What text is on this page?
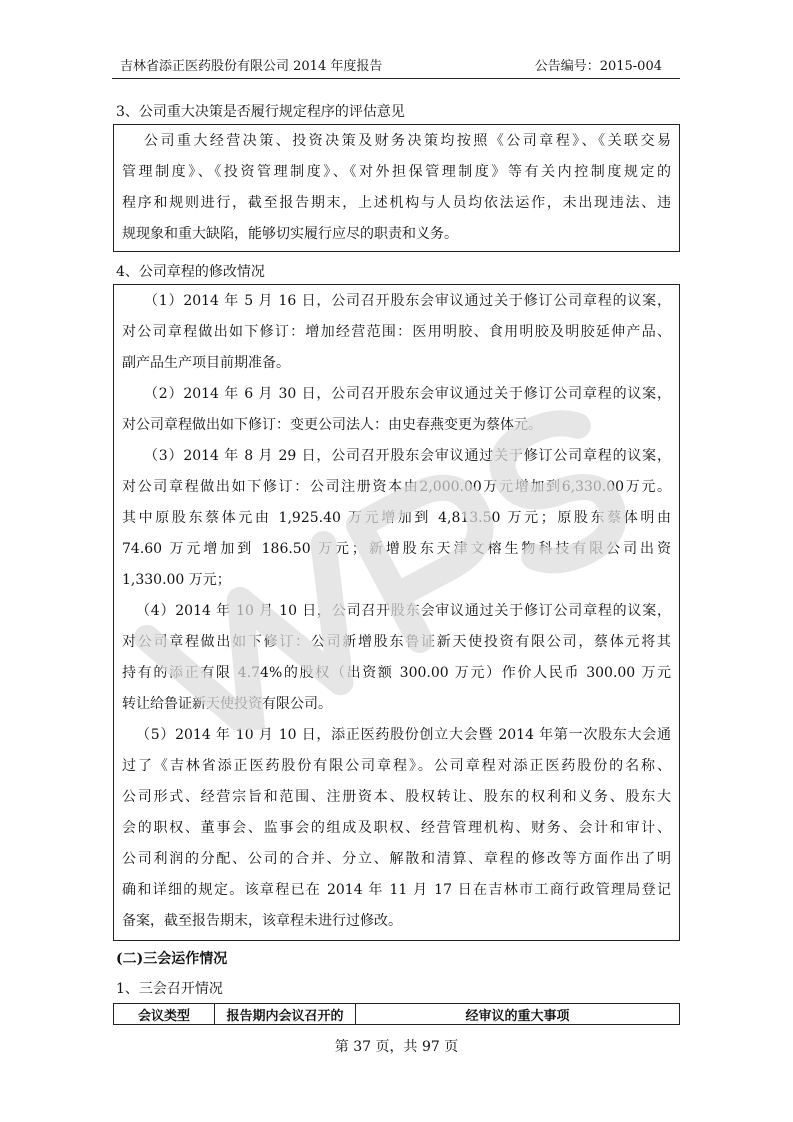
吉林省添正医药股份有限公司 2014 年度报告	公告编号：2015-004
3、公司重大决策是否履行规定程序的评估意见
公司重大经营决策、投资决策及财务决策均按照《公司章程》、《关联交易
管理制度》、《投资管理制度》、《对外担保管理制度》等有关内控制度规定的
程序和规则进行，截至报告期末，上述机构与人员均依法运作，未出现违法、违
规现象和重大缺陷，能够切实履行应尽的职责和义务。
4、公司章程的修改情况
（1）2014 年 5 月 16 日，公司召开股东会审议通过关于修订公司章程的议案，
对公司章程做出如下修订：增加经营范围：医用明胶、食用明胶及明胶延伸产品、
副产品生产项目前期准备。
（2）2014 年 6 月 30 日，公司召开股东会审议通过关于修订公司章程的议案，
对公司章程做出如下修订：变更公司法人：由史春燕变更为蔡体元。
（3）2014 年 8 月 29 日，公司召开股东会审议通过关于修订公司章程的议案，
对公司章程做出如下修订：公司注册资本由2,000.00万元增加到6,330.00万元。
其中原股东蔡体元由 1,925.40 万元增加到 4,813.50 万元；原股东蔡体明由
74.60 万元增加到 186.50 万元；新增股东天津文榕生物科技有限公司出资
1,330.00 万元；
（4）2014 年 10 月 10 日，公司召开股东会审议通过关于修订公司章程的议案，
对公司章程做出如下修订：公司新增股东鲁证新天使投资有限公司，蔡体元将其
持有的添正有限 4.74%的股权（出资额 300.00 万元）作价人民币 300.00 万元
转让给鲁证新天使投资有限公司。
（5）2014 年 10 月 10 日，添正医药股份创立大会暨 2014 年第一次股东大会通
过了《吉林省添正医药股份有限公司章程》。公司章程对添正医药股份的名称、
公司形式、经营宗旨和范围、注册资本、股权转让、股东的权利和义务、股东大
会的职权、董事会、监事会的组成及职权、经营管理机构、财务、会计和审计、
公司利润的分配、公司的合并、分立、解散和清算、章程的修改等方面作出了明
确和详细的规定。该章程已在 2014 年 11 月 17 日在吉林市工商行政管理局登记
备案，截至报告期末，该章程未进行过修改。
(二)三会运作情况
1、三会召开情况
会议类型	报告期内会议召开的	经审议的重大事项
第 37 页，共 97 页
